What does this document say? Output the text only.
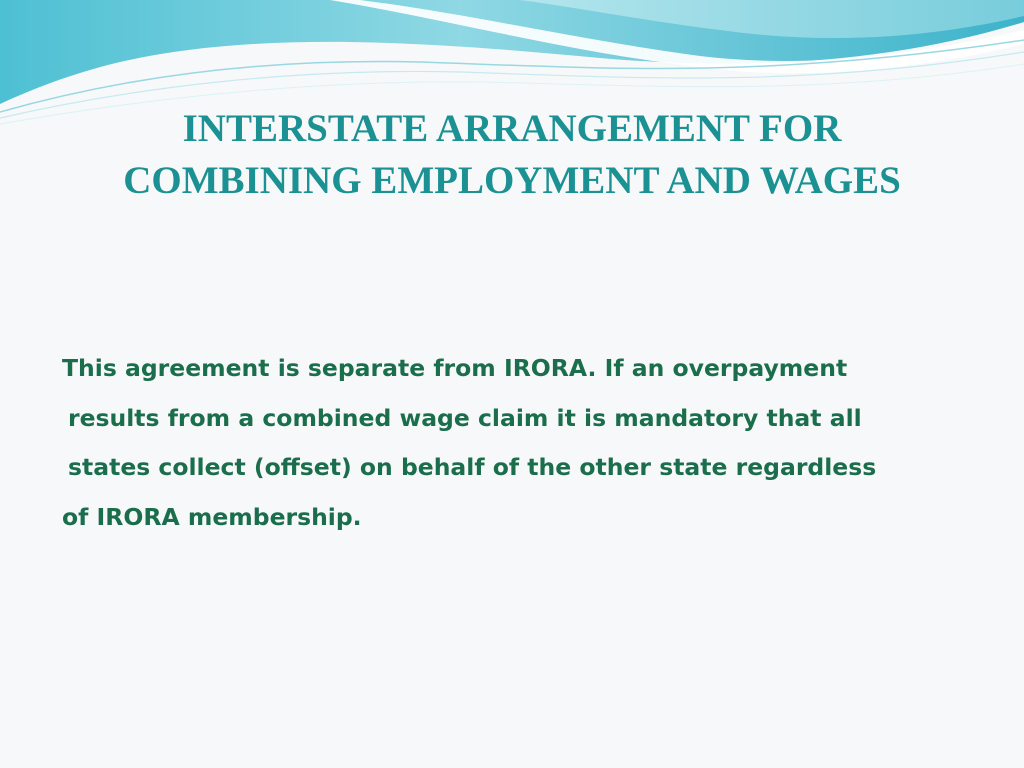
INTERSTATE ARRANGEMENT FOR
COMBINING EMPLOYMENT AND WAGES

This agreement is separate from IRORA. If an overpayment
results from a combined wage claim it is mandatory that all
states collect (offset) on behalf of the other state regardless
of IRORA membership.
